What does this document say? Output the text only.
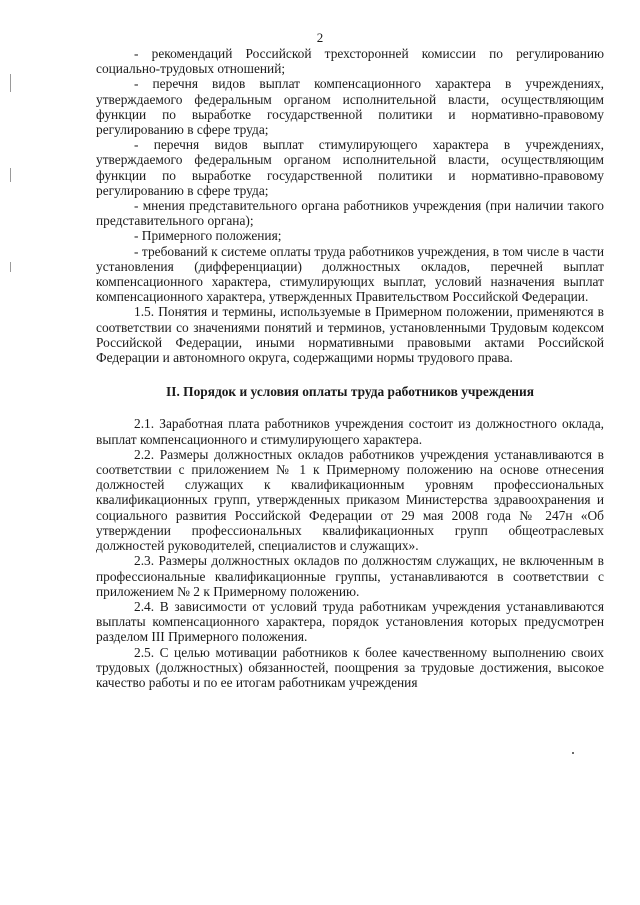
2

- рекомендаций Российской трехсторонней комиссии по регулированию социально-трудовых отношений;

- перечня видов выплат компенсационного характера в учреждениях, утверждаемого федеральным органом исполнительной власти, осуществляющим функции по выработке государственной политики и нормативно-правовому регулированию в сфере труда;

- перечня видов выплат стимулирующего характера в учреждениях, утверждаемого федеральным органом исполнительной власти, осуществляющим функции по выработке государственной политики и нормативно-правовому регулированию в сфере труда;

- мнения представительного органа работников учреждения (при наличии такого представительного органа);

- Примерного положения;

- требований к системе оплаты труда работников учреждения, в том числе в части установления (дифференциации) должностных окладов, перечней выплат компенсационного характера, стимулирующих выплат, условий назначения выплат компенсационного характера, утвержденных Правительством Российской Федерации.

1.5. Понятия и термины, используемые в Примерном положении, применяются в соответствии со значениями понятий и терминов, установленными Трудовым кодексом Российской Федерации, иными нормативными правовыми актами Российской Федерации и автономного округа, содержащими нормы трудового права.

II. Порядок и условия оплаты труда работников учреждения

2.1. Заработная плата работников учреждения состоит из должностного оклада, выплат компенсационного и стимулирующего характера.

2.2. Размеры должностных окладов работников учреждения устанавливаются в соответствии с приложением № 1 к Примерному положению на основе отнесения должностей служащих к квалификационным уровням профессиональных квалификационных групп, утвержденных приказом Министерства здравоохранения и социального развития Российской Федерации от 29 мая 2008 года № 247н «Об утверждении профессиональных квалификационных групп общеотраслевых должностей руководителей, специалистов и служащих».

2.3. Размеры должностных окладов по должностям служащих, не включенным в профессиональные квалификационные группы, устанавливаются в соответствии с приложением № 2 к Примерному положению.

2.4. В зависимости от условий труда работникам учреждения устанавливаются выплаты компенсационного характера, порядок установления которых предусмотрен разделом III Примерного положения.

2.5. С целью мотивации работников к более качественному выполнению своих трудовых (должностных) обязанностей, поощрения за трудовые достижения, высокое качество работы и по ее итогам работникам учреждения
